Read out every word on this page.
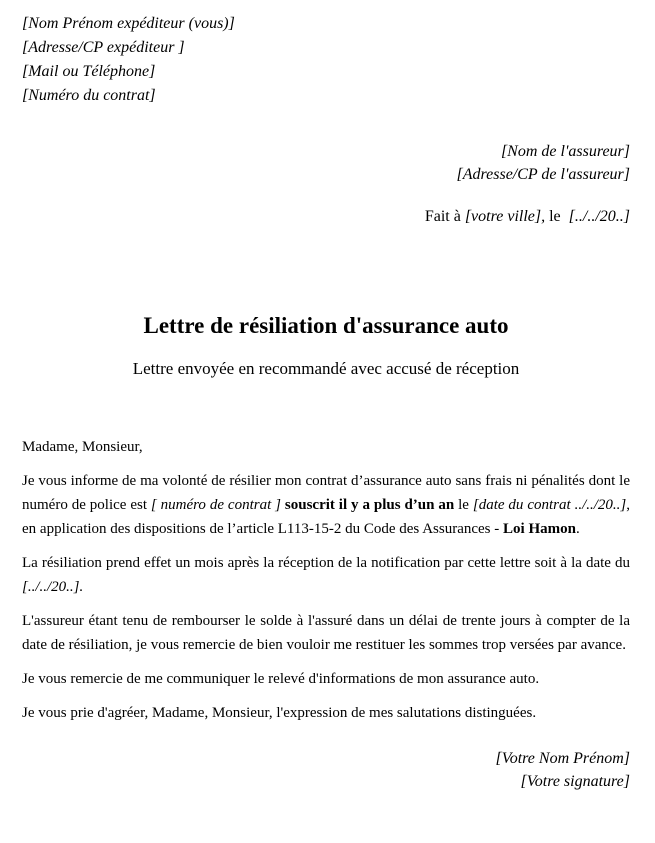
[Nom Prénom expéditeur (vous)]
[Adresse/CP expéditeur ]
[Mail ou Téléphone]
[Numéro du contrat]
[Nom de l'assureur]
[Adresse/CP de l'assureur]
Fait à [votre ville], le  [../../20..]
Lettre de résiliation d'assurance auto
Lettre envoyée en recommandé avec accusé de réception

Madame, Monsieur,

Je vous informe de ma volonté de résilier mon contrat d’assurance auto sans frais ni pénalités dont le numéro de police est [ numéro de contrat ] souscrit il y a plus d’un an le [date du contrat ../../20..], en application des dispositions de l’article L113-15-2 du Code des Assurances - Loi Hamon.

La résiliation prend effet un mois après la réception de la notification par cette lettre soit à la date du [../../20..].

L'assureur étant tenu de rembourser le solde à l'assuré dans un délai de trente jours à compter de la date de résiliation, je vous remercie de bien vouloir me restituer les sommes trop versées par avance.

Je vous remercie de me communiquer le relevé d'informations de mon assurance auto.

Je vous prie d'agréer, Madame, Monsieur, l'expression de mes salutations distinguées.

[Votre Nom Prénom]
[Votre signature]
